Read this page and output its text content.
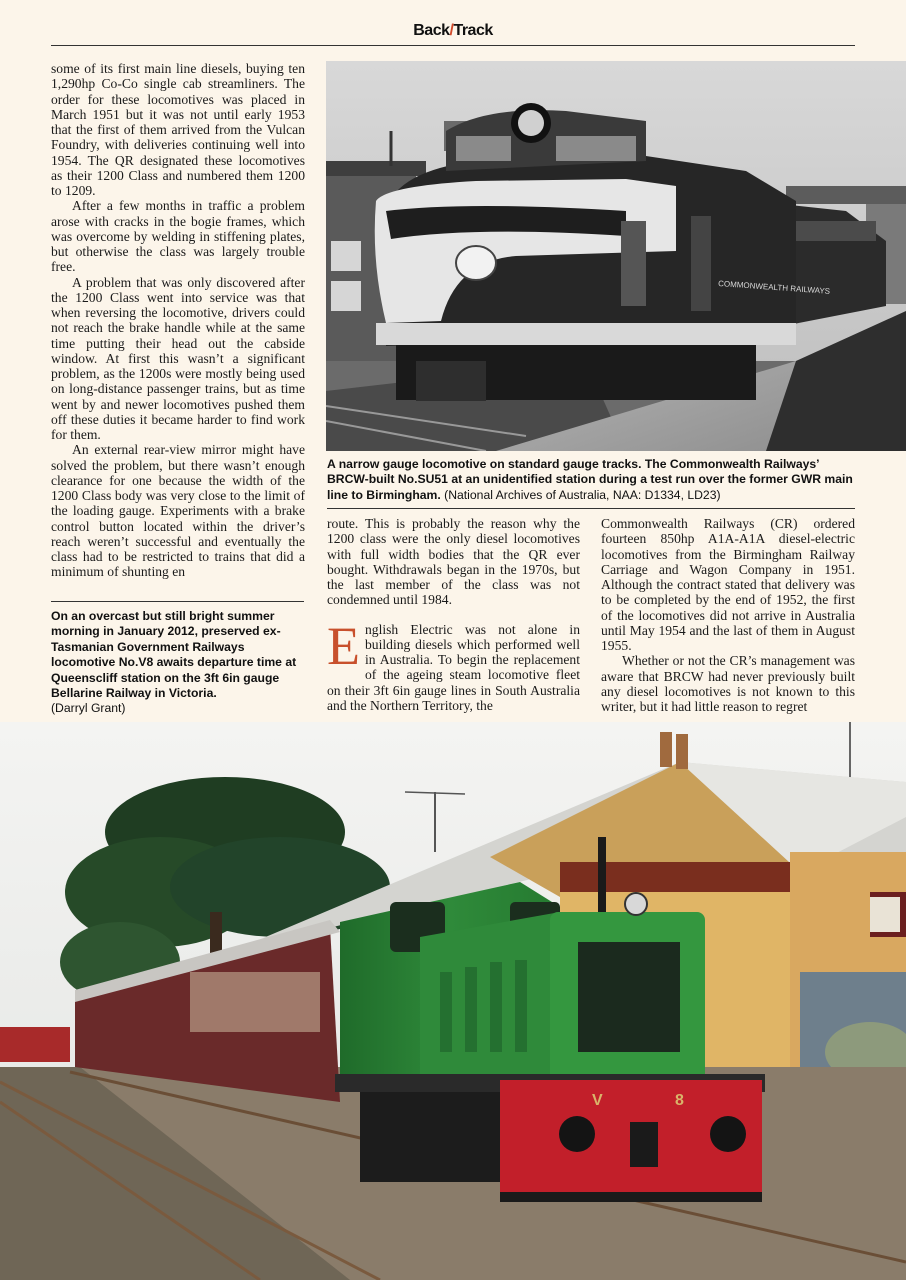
Back/Track

some of its first main line diesels, buying ten 1,290hp Co-Co single cab streamliners. The order for these locomotives was placed in March 1951 but it was not until early 1953 that the first of them arrived from the Vulcan Foundry, with deliveries continuing well into 1954. The QR designated these locomotives as their 1200 Class and numbered them 1200 to 1209.

After a few months in traffic a problem arose with cracks in the bogie frames, which was overcome by welding in stiffening plates, but otherwise the class was largely trouble free.

A problem that was only discovered after the 1200 Class went into service was that when reversing the locomotive, drivers could not reach the brake handle while at the same time putting their head out the cabside window. At first this wasn’t a significant problem, as the 1200s were mostly being used on long-distance passenger trains, but as time went by and newer locomotives pushed them off these duties it became harder to find work for them.

An external rear-view mirror might have solved the problem, but there wasn’t enough clearance for one because the width of the 1200 Class body was very close to the limit of the loading gauge. Experiments with a brake control button located within the driver’s reach weren’t successful and eventually the class had to be restricted to trains that did a minimum of shunting en

COMMONWEALTH RAILWAYS
A narrow gauge locomotive on standard gauge tracks. The Commonwealth Railways’ BRCW-built No.SU51 at an unidentified station during a test run over the former GWR main line to Birmingham. (National Archives of Australia, NAA: D1334, LD23)

route. This is probably the reason why the 1200 class were the only diesel locomotives with full width bodies that the QR ever bought. Withdrawals began in the 1970s, but the last member of the class was not condemned until 1984.

English Electric was not alone in building diesels which performed well in Australia. To begin the replacement of the ageing steam locomotive fleet on their 3ft 6in gauge lines in South Australia and the Northern Territory, the

Commonwealth Railways (CR) ordered fourteen 850hp A1A-A1A diesel-electric locomotives from the Birmingham Railway Carriage and Wagon Company in 1951. Although the contract stated that delivery was to be completed by the end of 1952, the first of the locomotives did not arrive in Australia until May 1954 and the last of them in August 1955.

Whether or not the CR’s management was aware that BRCW had never previously built any diesel locomotives is not known to this writer, but it had little reason to regret

On an overcast but still bright summer morning in January 2012, preserved ex-Tasmanian Government Railways locomotive No.V8 awaits departure time at Queenscliff station on the 3ft 6in gauge Bellarine Railway in Victoria.
(Darryl Grant)
V	8
